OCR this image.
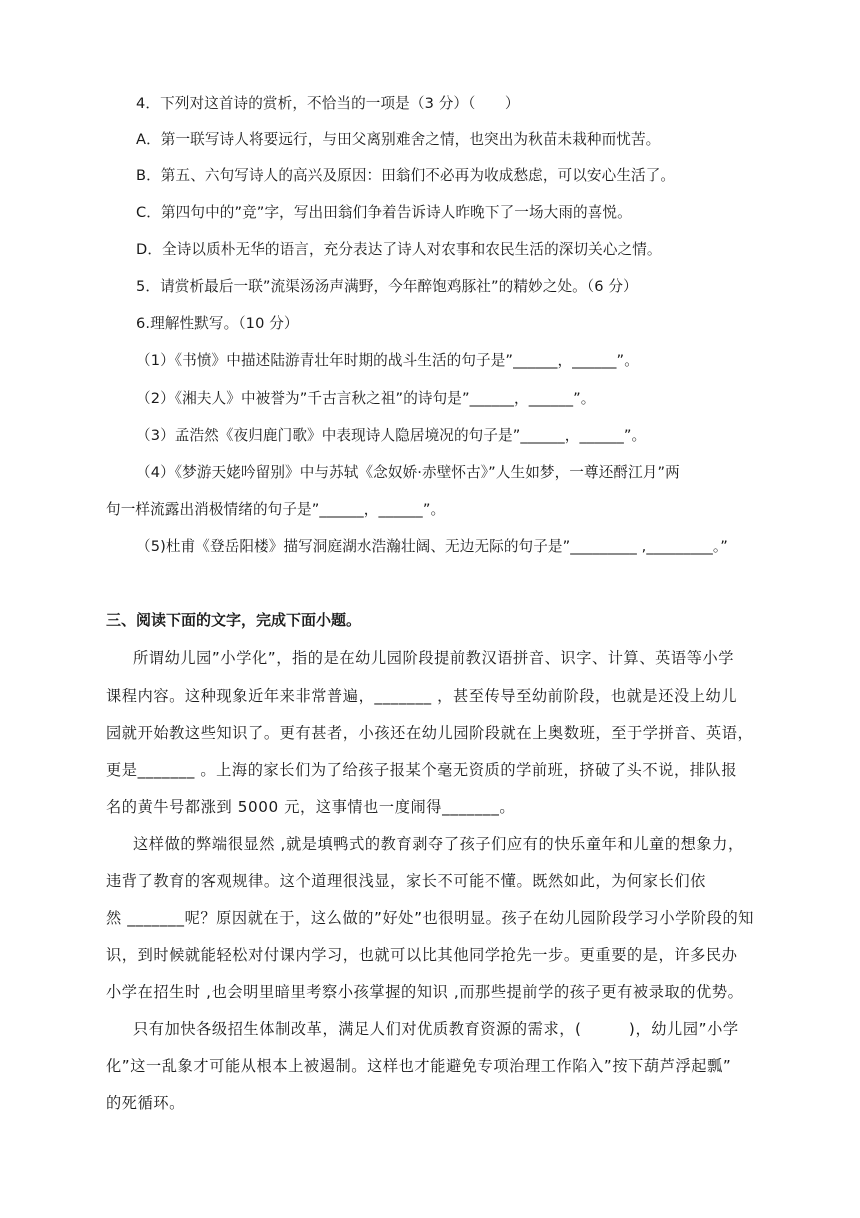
4．下列对这首诗的赏析，不恰当的一项是（3 分）（　　）
A．第一联写诗人将要远行，与田父离别难舍之情，也突出为秋苗未栽种而忧苦。
B．第五、六句写诗人的高兴及原因：田翁们不必再为收成愁虑，可以安心生活了。
C．第四句中的”竞”字，写出田翁们争着告诉诗人昨晚下了一场大雨的喜悦。
D．全诗以质朴无华的语言，充分表达了诗人对农事和农民生活的深切关心之情。
5．请赏析最后一联”流渠汤汤声满野，今年醉饱鸡豚社”的精妙之处。（6 分）
6.理解性默写。（10 分）
（1）《书愤》中描述陆游青壮年时期的战斗生活的句子是”______，______”。
（2）《湘夫人》中被誉为”千古言秋之祖”的诗句是”______，______”。
（3）孟浩然《夜归鹿门歌》中表现诗人隐居境况的句子是”______，______”。
（4）《梦游天姥吟留别》中与苏轼《念奴娇·赤壁怀古》”人生如梦，一尊还酹江月”两
句一样流露出消极情绪的句子是”______，______”。
（5)杜甫《登岳阳楼》描写洞庭湖水浩瀚壮阔、无边无际的句子是”_________ ,_________。”
三、阅读下面的文字，完成下面小题。
所谓幼儿园”小学化”，指的是在幼儿园阶段提前教汉语拼音、识字、计算、英语等小学
课程内容。这种现象近年来非常普遍，_______ ，甚至传导至幼前阶段，也就是还没上幼儿
园就开始教这些知识了。更有甚者，小孩还在幼儿园阶段就在上奥数班，至于学拼音、英语，
更是_______ 。上海的家长们为了给孩子报某个毫无资质的学前班，挤破了头不说，排队报
名的黄牛号都涨到 5000 元，这事情也一度闹得_______。
这样做的弊端很显然 ,就是填鸭式的教育剥夺了孩子们应有的快乐童年和儿童的想象力，
违背了教育的客观规律。这个道理很浅显，家长不可能不懂。既然如此，为何家长们依
然 _______呢？原因就在于，这么做的”好处”也很明显。孩子在幼儿园阶段学习小学阶段的知
识，到时候就能轻松对付课内学习，也就可以比其他同学抢先一步。更重要的是，许多民办
小学在招生时 ,也会明里暗里考察小孩掌握的知识 ,而那些提前学的孩子更有被录取的优势。
只有加快各级招生体制改革，满足人们对优质教育资源的需求，(　　　)，幼儿园”小学
化”这一乱象才可能从根本上被遏制。这样也才能避免专项治理工作陷入”按下葫芦浮起瓢”
的死循环。
